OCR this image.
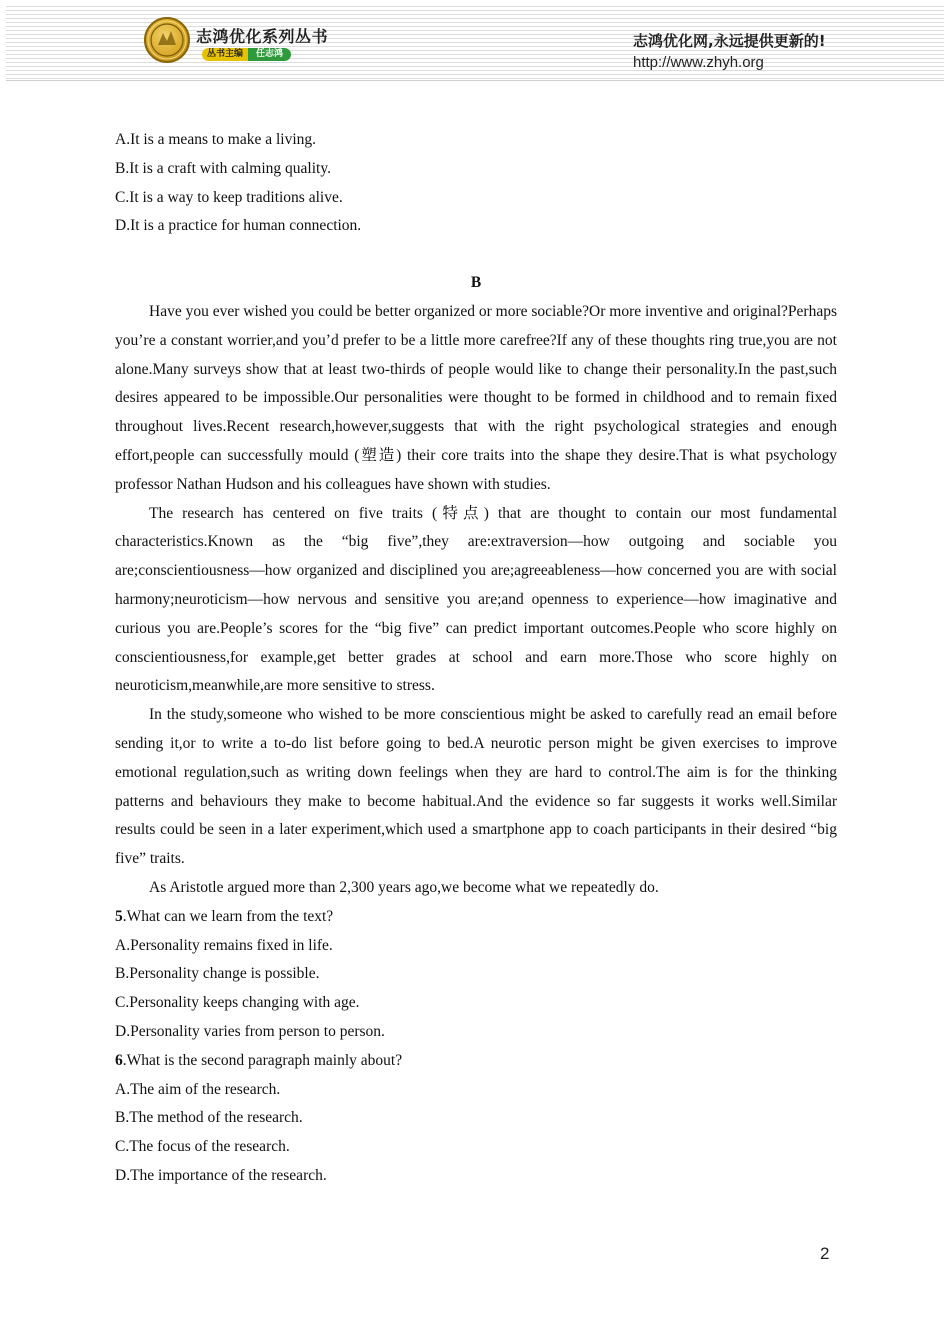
志鸿优化系列丛书
丛书主编	任志鸿
志鸿优化网,永远提供更新的!
http://www.zhyh.org

A.It is a means to make a living.

B.It is a craft with calming quality.

C.It is a way to keep traditions alive.

D.It is a practice for human connection.

B

Have you ever wished you could be better organized or more sociable?Or more inventive and original?Perhaps you’re a constant worrier,and you’d prefer to be a little more carefree?If any of these thoughts ring true,you are not alone.Many surveys show that at least two-thirds of people would like to change their personality.In the past,such desires appeared to be impossible.Our personalities were thought to be formed in childhood and to remain fixed throughout lives.Recent research,however,suggests that with the right psychological strategies and enough effort,people can successfully mould (塑造) their core traits into the shape they desire.That is what psychology professor Nathan Hudson and his colleagues have shown with studies.

The research has centered on five traits (特点) that are thought to contain our most fundamental characteristics.Known as the “big five”,they are:extraversion—how outgoing and sociable you are;conscientiousness—how organized and disciplined you are;agreeableness—how concerned you are with social harmony;neuroticism—how nervous and sensitive you are;and openness to experience—how imaginative and curious you are.People’s scores for the “big five” can predict important outcomes.People who score highly on conscientiousness,for example,get better grades at school and earn more.Those who score highly on neuroticism,meanwhile,are more sensitive to stress.

In the study,someone who wished to be more conscientious might be asked to carefully read an email before sending it,or to write a to-do list before going to bed.A neurotic person might be given exercises to improve emotional regulation,such as writing down feelings when they are hard to control.The aim is for the thinking patterns and behaviours they make to become habitual.And the evidence so far suggests it works well.Similar results could be seen in a later experiment,which used a smartphone app to coach participants in their desired “big five” traits.

As Aristotle argued more than 2,300 years ago,we become what we repeatedly do.

5.What can we learn from the text?

A.Personality remains fixed in life.

B.Personality change is possible.

C.Personality keeps changing with age.

D.Personality varies from person to person.

6.What is the second paragraph mainly about?

A.The aim of the research.

B.The method of the research.

C.The focus of the research.

D.The importance of the research.

2
